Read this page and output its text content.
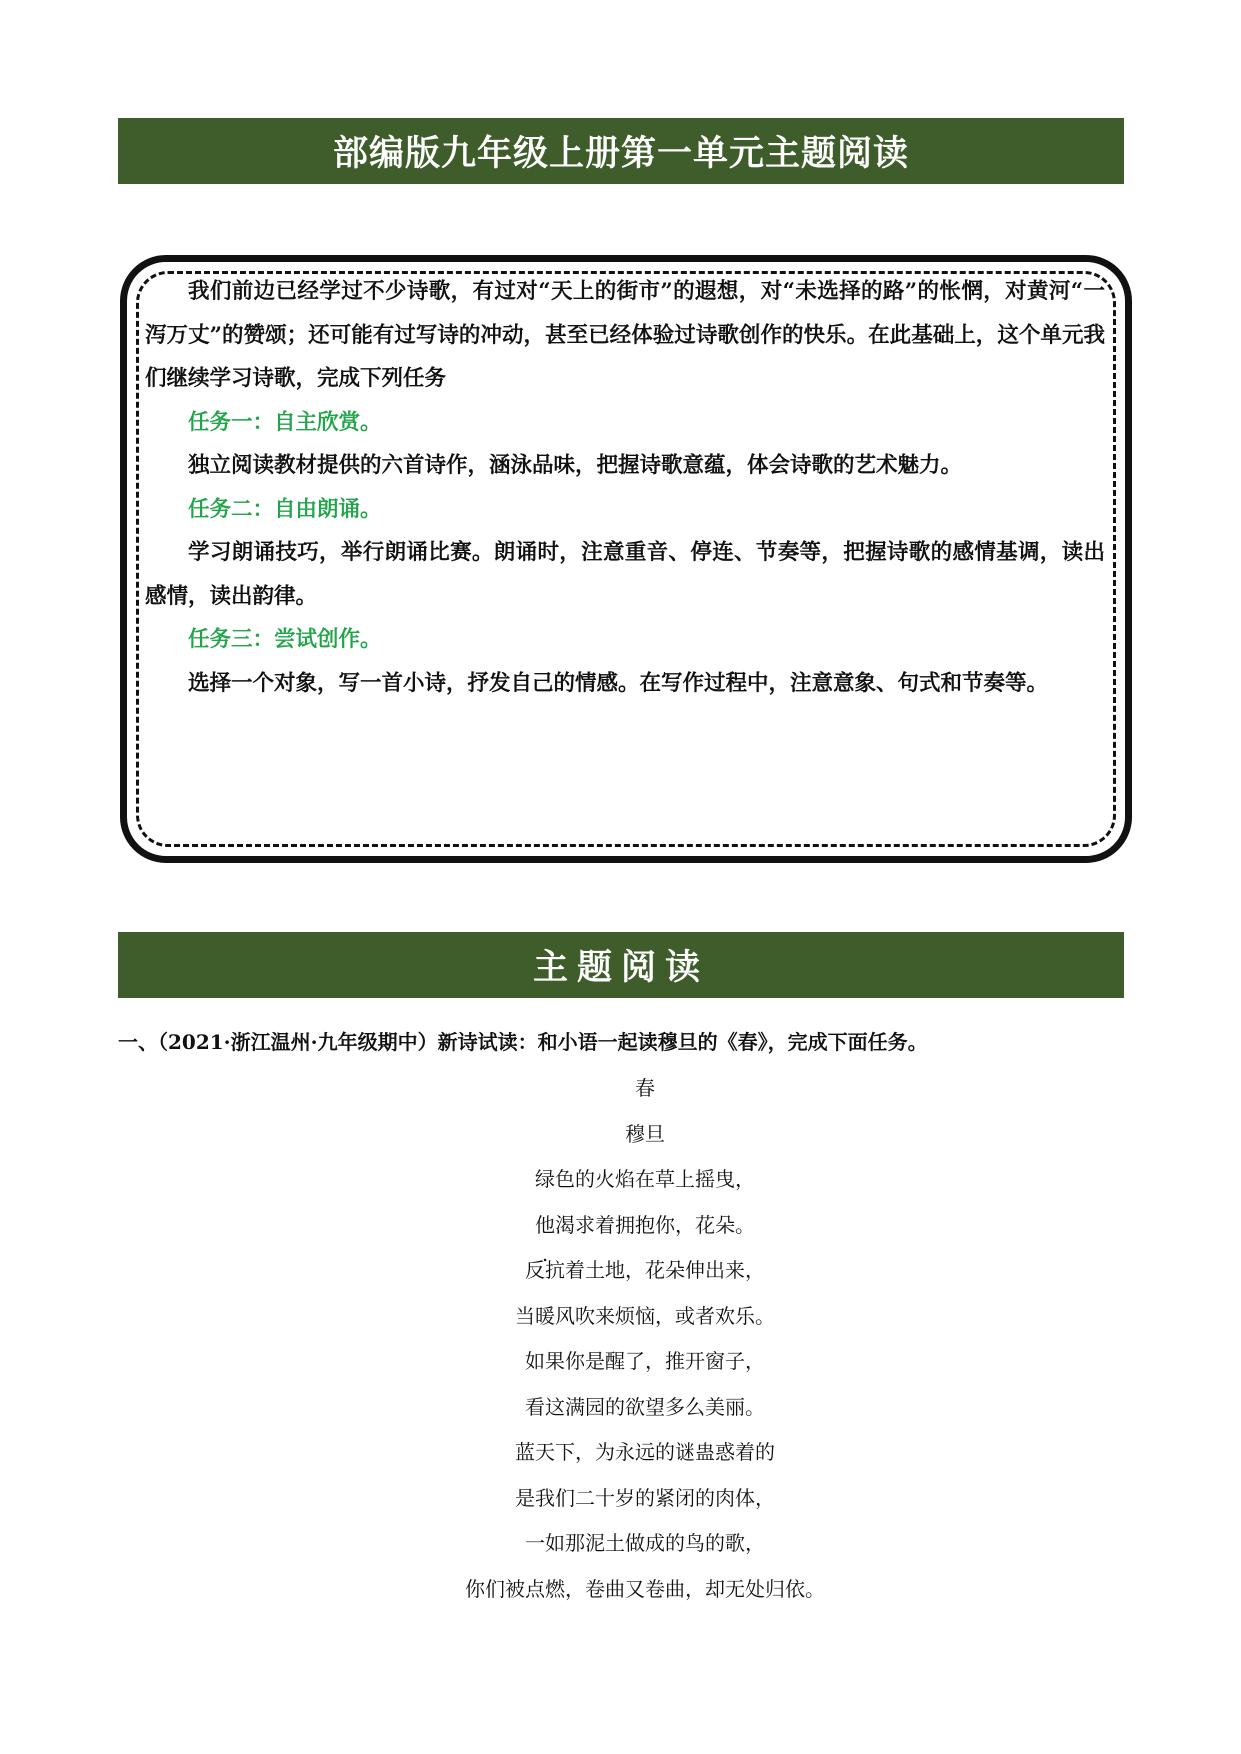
部编版九年级上册第一单元主题阅读

我们前边已经学过不少诗歌，有过对“天上的街市”的遐想，对“未选择的路”的怅惘，对黄河“一泻万丈”的赞颂；还可能有过写诗的冲动，甚至已经体验过诗歌创作的快乐。在此基础上，这个单元我们继续学习诗歌，完成下列任务

任务一：自主欣赏。

独立阅读教材提供的六首诗作，涵泳品味，把握诗歌意蕴，体会诗歌的艺术魅力。

任务二：自由朗诵。

学习朗诵技巧，举行朗诵比赛。朗诵时，注意重音、停连、节奏等，把握诗歌的感情基调，读出感情，读出韵律。

任务三：尝试创作。

选择一个对象，写一首小诗，抒发自己的情感。在写作过程中，注意意象、句式和节奏等。

主题阅读
一、（2021·浙江温州·九年级期中）新诗试读：和小语一起读穆旦的《春》，完成下面任务。
春
穆旦
绿色的火焰在草上摇曳，
他渴求着拥抱你，花朵。
反抗着土地，花朵伸出来，
当暖风吹来烦恼，或者欢乐。
如果你是醒了，推开窗子，
看这满园的欲望多么美丽。
蓝天下，为永远的谜蛊惑着的
是我们二十岁的紧闭的肉体，
一如那泥土做成的鸟的歌，
你们被点燃，卷曲又卷曲，却无处归依。
